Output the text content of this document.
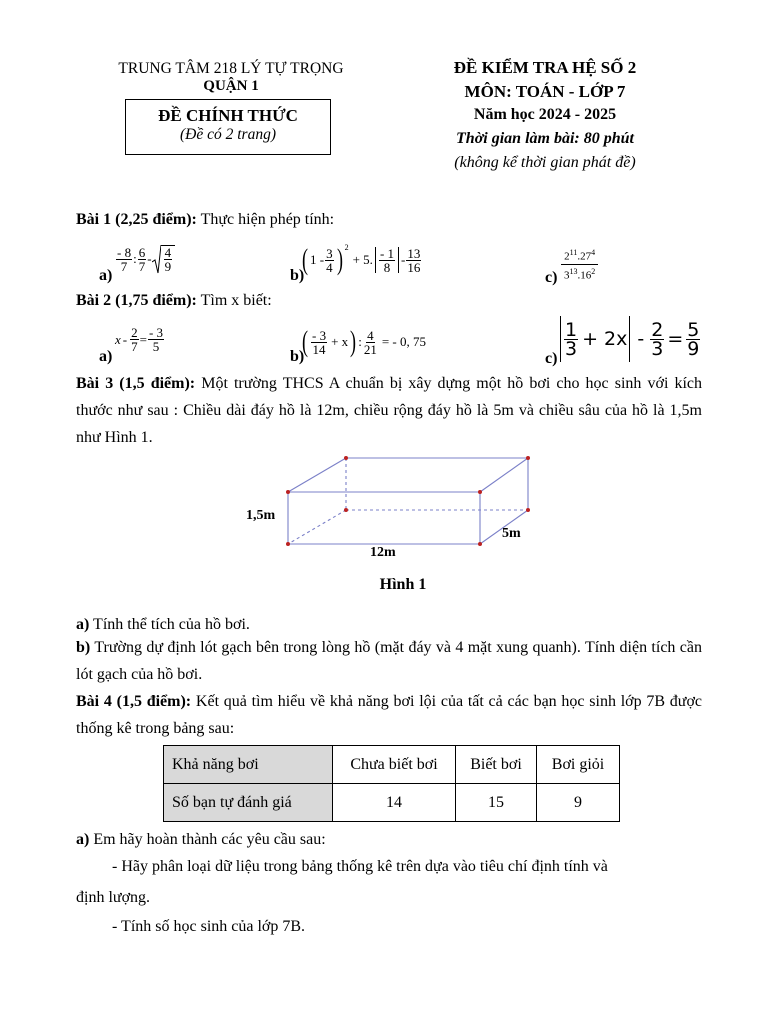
TRUNG TÂM 218 LÝ TỰ TRỌNG
QUẬN 1
ĐỀ CHÍNH THỨC
(Đề có 2 trang)
ĐỀ KIỂM TRA HỆ SỐ 2
MÔN: TOÁN - LỚP 7
Năm học 2024 - 2025
Thời gian làm bài: 80 phút
(không kể thời gian phát đề)
Bài 1 (2,25 điểm): Thực hiện phép tính:
a)
$\frac{- 8}{7}$ : $\frac{6}{7} - \frac{4}{9}$
b)
( $1 - \frac{3}{4}$ ) $^2$
+ 5. $\frac{- 1}{8} - \frac{13}{16}$
$c) \frac{2^{11}.27^4}{3^{13}.16^2}$
Bài 2 (1,75 điểm): Tìm x biết:
a)
$x - \frac{2}{7} = \frac{- 3}{5}$
b)
( $\frac{- 3}{14} + x$ ) : $\frac{4}{21}$ = - 0, 75
c)
$\frac{1}{3} + 2x - \frac{2}{3} = \frac{5}{9}$
Bài 3 (1,5 điểm): Một trường THCS A chuẩn bị xây dựng một hồ bơi cho học sinh với kích thước như sau : Chiều dài đáy hồ là 12m, chiều rộng đáy hồ là 5m và chiều sâu của hồ là 1,5m như Hình 1.
1,5m
12m
5m
Hình 1
a) Tính thể tích của hồ bơi.
b) Trường dự định lót gạch bên trong lòng hồ (mặt đáy và 4 mặt xung quanh). Tính diện tích cần lót gạch của hồ bơi.
Bài 4 (1,5 điểm): Kết quả tìm hiểu về khả năng bơi lội của tất cả các bạn học sinh lớp 7B được thống kê trong bảng sau:
Khả năng bơi	Chưa biết bơi	Biết bơi	Bơi giỏi
Số bạn tự đánh giá	14	15	9
a) Em hãy hoàn thành các yêu cầu sau:
- Hãy phân loại dữ liệu trong bảng thống kê trên dựa vào tiêu chí định tính và
định lượng.
- Tính số học sinh của lớp 7B.
